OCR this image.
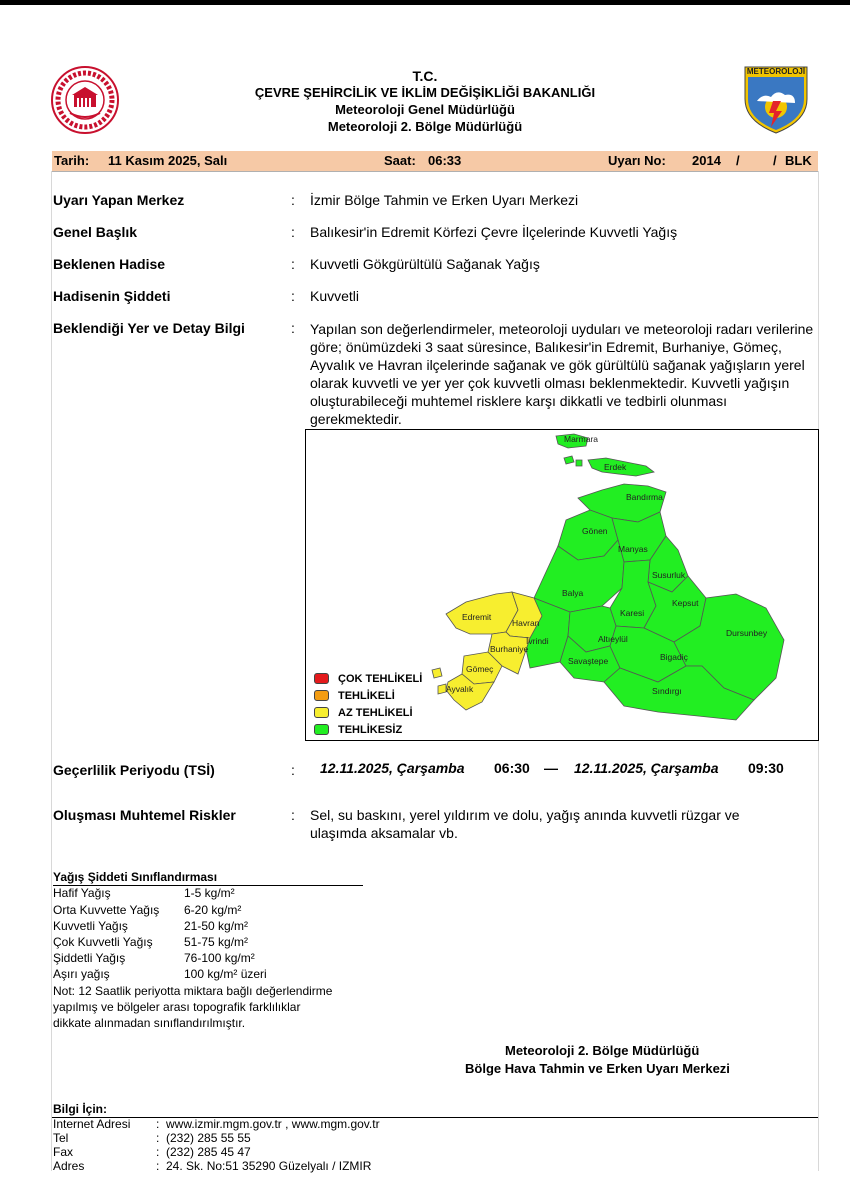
T.C.
ÇEVRE ŞEHİRCİLİK VE İKLİM DEĞİŞİKLİĞİ BAKANLIĞI
Meteoroloji Genel Müdürlüğü
Meteoroloji 2. Bölge Müdürlüğü
METEOROLOJİ
Tarih: 11 Kasım 2025, Salı	Saat: 06:33	Uyarı No: 2014 /	/ BLK
Uyarı Yapan Merkez	: İzmir Bölge Tahmin ve Erken Uyarı Merkezi
Genel Başlık	: Balıkesir'in Edremit Körfezi Çevre İlçelerinde Kuvvetli Yağış
Beklenen Hadise	: Kuvvetli Gökgürültülü Sağanak Yağış
Hadisenin Şiddeti	: Kuvvetli
Beklendiği Yer ve Detay Bilgi	: Yapılan son değerlendirmeler, meteoroloji uyduları ve meteoroloji radarı verilerine göre; önümüzdeki 3 saat süresince, Balıkesir'in Edremit, Burhaniye, Gömeç, Ayvalık ve Havran ilçelerinde sağanak ve gök gürültülü sağanak yağışların yerel olarak kuvvetli ve yer yer çok kuvvetli olması beklenmektedir. Kuvvetli yağışın oluşturabileceği muhtemel risklere karşı dikkatli ve tedbirli olunması gerekmektedir.
Marmara
Erdek
Bandırma
Gönen
Manyas
Susurluk
Balya
Karesi
Kepsut
Edremit
Havran
İvrindi	Altıeylül
Dursunbey
Burhaniye
Savaştepe	Bigadiç
Gömeç
Ayvalık	Sındırgı
ÇOK TEHLİKELİ
TEHLİKELİ
AZ TEHLİKELİ
TEHLİKESİZ
Geçerlilik Periyodu (TSİ)	: 12.11.2025, Çarşamba 06:30 — 12.11.2025, Çarşamba 09:30
Oluşması Muhtemel Riskler	: Sel, su baskını, yerel yıldırım ve dolu, yağış anında kuvvetli rüzgar ve ulaşımda aksamalar vb.
Yağış Şiddeti Sınıflandırması
Hafif Yağış	1-5 kg/m²
Orta Kuvvette Yağış 6-20 kg/m²
Kuvvetli Yağış	21-50 kg/m²
Çok Kuvvetli Yağış	51-75 kg/m²
Şiddetli Yağış	76-100 kg/m²
Aşırı yağış	100 kg/m² üzeri
Not: 12 Saatlik periyotta miktara bağlı değerlendirme
yapılmış ve bölgeler arası topografik farklılıklar
dikkate alınmadan sınıflandırılmıştır.
Meteoroloji 2. Bölge Müdürlüğü
Bölge Hava Tahmin ve Erken Uyarı Merkezi
Bilgi İçin:
Internet Adresi : www.izmir.mgm.gov.tr , www.mgm.gov.tr
Tel	: (232) 285 55 55
Fax	: (232) 285 45 47
Adres	: 24. Sk. No:51 35290 Güzelyalı / IZMIR
